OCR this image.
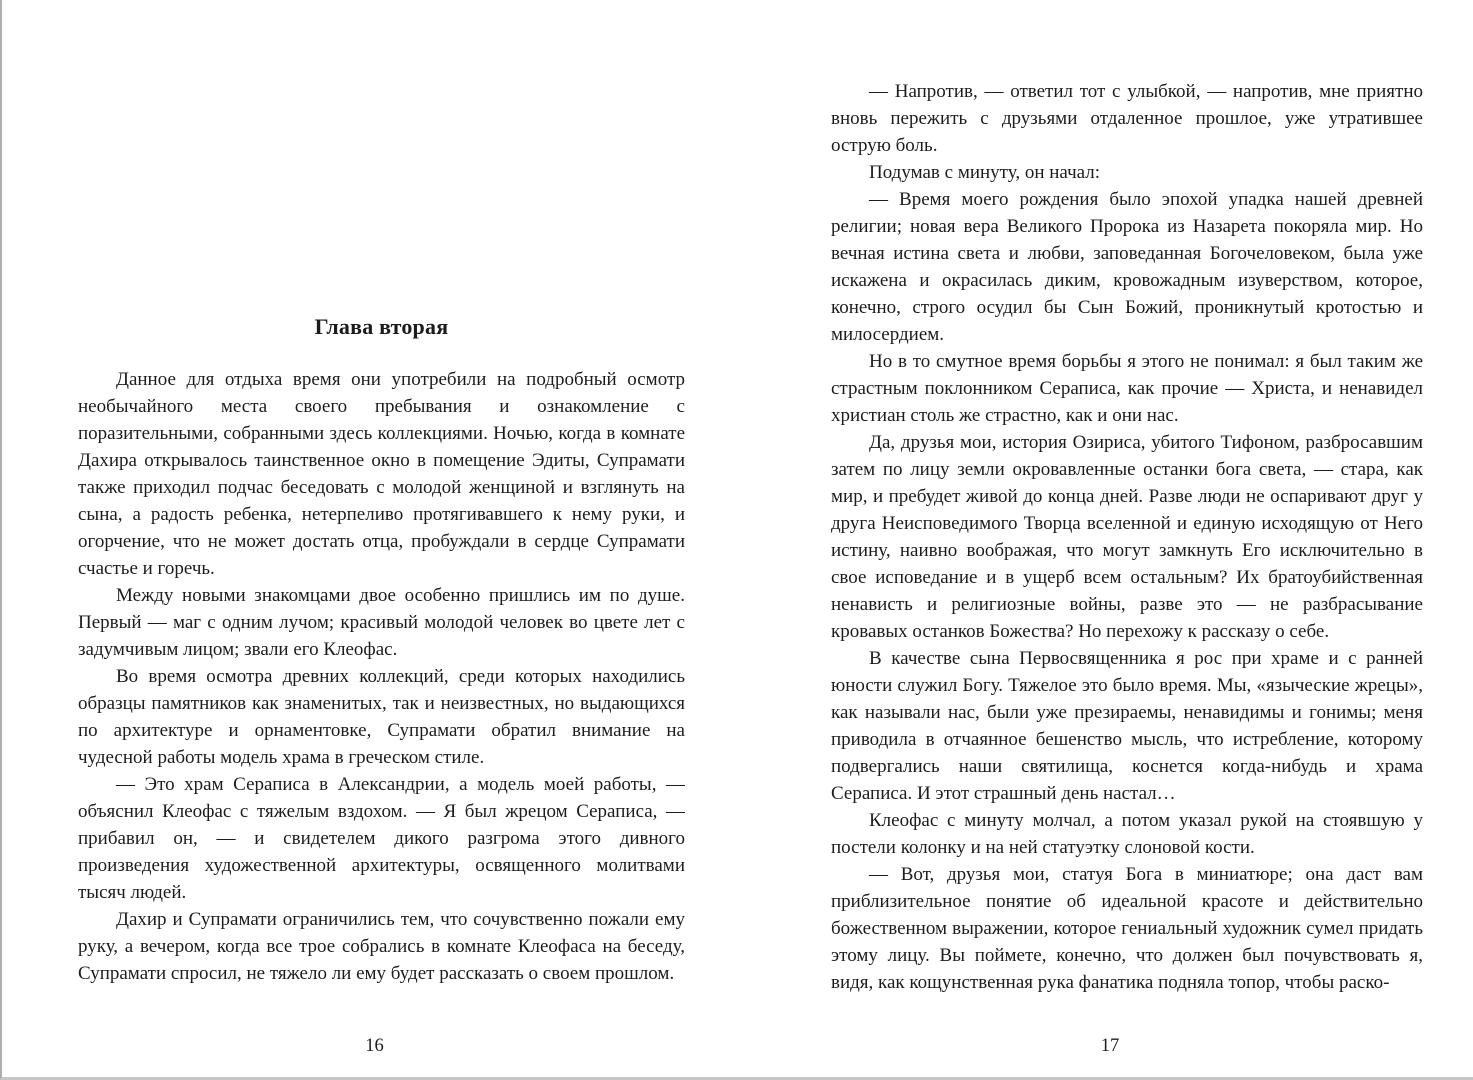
Глава вторая

Данное для отдыха время они употребили на подробный осмотр необычайного места своего пребывания и ознакомление с поразительными, собранными здесь коллекциями. Ночью, когда в комнате Дахира открывалось таинственное окно в помещение Эдиты, Супрамати также приходил подчас беседовать с молодой женщиной и взглянуть на сына, а радость ребенка, нетерпеливо протягивавшего к нему руки, и огорчение, что не может достать отца, пробуждали в сердце Супрамати счастье и горечь.

Между новыми знакомцами двое особенно пришлись им по душе. Первый — маг с одним лучом; красивый молодой человек во цвете лет с задумчивым лицом; звали его Клеофас.

Во время осмотра древних коллекций, среди которых находились образцы памятников как знаменитых, так и неизвестных, но выдающихся по архитектуре и орнаментовке, Супрамати обратил внимание на чудесной работы модель храма в греческом стиле.

— Это храм Сераписа в Александрии, а модель моей работы, — объяснил Клеофас с тяжелым вздохом. — Я был жрецом Сераписа, — прибавил он, — и свидетелем дикого разгрома этого дивного произведения художественной архитектуры, освященного молитвами тысяч людей.

Дахир и Супрамати ограничились тем, что сочувственно пожали ему руку, а вечером, когда все трое собрались в комнате Клеофаса на беседу, Супрамати спросил, не тяжело ли ему будет рассказать о своем прошлом.

16

— Напротив, — ответил тот с улыбкой, — напротив, мне приятно вновь пережить с друзьями отдаленное прошлое, уже утратившее острую боль.

Подумав с минуту, он начал:

— Время моего рождения было эпохой упадка нашей древней религии; новая вера Великого Пророка из Назарета покоряла мир. Но вечная истина света и любви, заповеданная Богочеловеком, была уже искажена и окрасилась диким, кровожадным изуверством, которое, конечно, строго осудил бы Сын Божий, проникнутый кротостью и милосердием.

Но в то смутное время борьбы я этого не понимал: я был таким же страстным поклонником Сераписа, как прочие — Христа, и ненавидел христиан столь же страстно, как и они нас.

Да, друзья мои, история Озириса, убитого Тифоном, разбросавшим затем по лицу земли окровавленные останки бога света, — стара, как мир, и пребудет живой до конца дней. Разве люди не оспаривают друг у друга Неисповедимого Творца вселенной и единую исходящую от Него истину, наивно воображая, что могут замкнуть Его исключительно в свое исповедание и в ущерб всем остальным? Их братоубийственная ненависть и религиозные войны, разве это — не разбрасывание кровавых останков Божества? Но перехожу к рассказу о себе.

В качестве сына Первосвященника я рос при храме и с ранней юности служил Богу. Тяжелое это было время. Мы, «языческие жрецы», как называли нас, были уже презираемы, ненавидимы и гонимы; меня приводила в отчаянное бешенство мысль, что истребление, которому подвергались наши святилища, коснется когда-нибудь и храма Сераписа. И этот страшный день настал…

Клеофас с минуту молчал, а потом указал рукой на стоявшую у постели колонку и на ней статуэтку слоновой кости.

— Вот, друзья мои, статуя Бога в миниатюре; она даст вам приблизительное понятие об идеальной красоте и действительно божественном выражении, которое гениальный художник сумел придать этому лицу. Вы поймете, конечно, что должен был почувствовать я, видя, как кощунственная рука фанатика подняла топор, чтобы раско-

17
